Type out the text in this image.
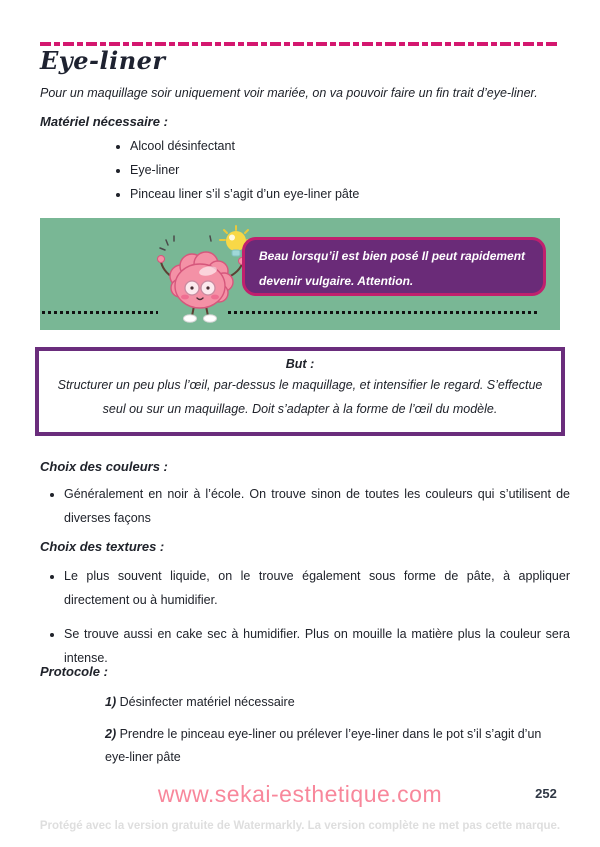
Eye-liner

Pour un maquillage soir uniquement voir mariée, on va pouvoir faire un fin trait d’eye-liner.

Matériel nécessaire :
• Alcool désinfectant
• Eye-liner
• Pinceau liner s’il s’agit d’un eye-liner pâte
Beau lorsqu’il est bien posé Il peut rapidement devenir vulgaire. Attention.
But :
Structurer un peu plus l’œil, par-dessus le maquillage, et intensifier le regard. S’effectue seul ou sur un maquillage. Doit s’adapter à la forme de l’œil du modèle.
Choix des couleurs :
• Généralement en noir à l’école. On trouve sinon de toutes les couleurs qui s’utilisent de diverses façons
Choix des textures :
• Le plus souvent liquide, on le trouve également sous forme de pâte, à appliquer directement ou à humidifier.
• Se trouve aussi en cake sec à humidifier. Plus on mouille la matière plus la couleur sera intense.
Protocole :
1) Désinfecter matériel nécessaire
2) Prendre le pinceau eye-liner ou prélever l’eye-liner dans le pot s’il s’agit d’un eye-liner pâte
www.sekai-esthetique.com	252
Protégé avec la version gratuite de Watermarkly. La version complète ne met pas cette marque.
